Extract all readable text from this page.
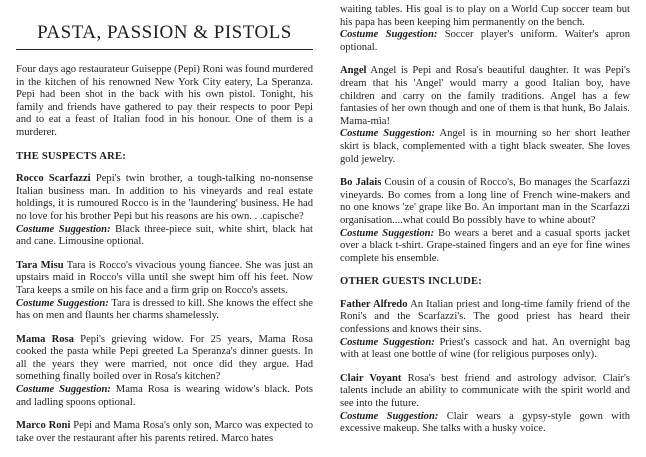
PASTA, PASSION & PISTOLS

Four days ago restaurateur Guiseppe (Pepi) Roni was found murdered in the kitchen of his renowned New York City eatery, La Speranza. Pepi had been shot in the back with his own pistol. Tonight, his family and friends have gathered to pay their respects to poor Pepi and to eat a feast of Italian food in his honour. One of them is a murderer.

THE SUSPECTS ARE:

Rocco Scarfazzi Pepi's twin brother, a tough-talking no-nonsense Italian business man. In addition to his vineyards and real estate holdings, it is rumoured Rocco is in the 'laundering' business. He had no love for his brother Pepi but his reasons are his own. . .capische?
Costume Suggestion: Black three-piece suit, white shirt, black hat and cane. Limousine optional.

Tara Misu Tara is Rocco's vivacious young fiancee. She was just an upstairs maid in Rocco's villa until she swept him off his feet. Now Tara keeps a smile on his face and a firm grip on Rocco's assets.
Costume Suggestion: Tara is dressed to kill. She knows the effect she has on men and flaunts her charms shamelessly.

Mama Rosa Pepi's grieving widow. For 25 years, Mama Rosa cooked the pasta while Pepi greeted La Speranza's dinner guests. In all the years they were married, not once did they argue. Had something finally boiled over in Rosa's kitchen?
Costume Suggestion: Mama Rosa is wearing widow's black. Pots and ladling spoons optional.

Marco Roni Pepi and Mama Rosa's only son, Marco was expected to take over the restaurant after his parents retired. Marco hates

waiting tables. His goal is to play on a World Cup soccer team but his papa has been keeping him permanently on the bench.
Costume Suggestion: Soccer player's uniform. Waiter's apron optional.

Angel Angel is Pepi and Rosa's beautiful daughter. It was Pepi's dream that his 'Angel' would marry a good Italian boy, have children and carry on the family traditions. Angel has a few fantasies of her own though and one of them is that hunk, Bo Jalais. Mama-mia!
Costume Suggestion: Angel is in mourning so her short leather skirt is black, complemented with a tight black sweater. She loves gold jewelry.

Bo Jalais Cousin of a cousin of Rocco's, Bo manages the Scarfazzi vineyards. Bo comes from a long line of French wine-makers and no one knows 'ze' grape like Bo. An important man in the Scarfazzi organisation....what could Bo possibly have to whine about?
Costume Suggestion: Bo wears a beret and a casual sports jacket over a black t-shirt. Grape-stained fingers and an eye for fine wines complete his ensemble.

OTHER GUESTS INCLUDE:

Father Alfredo An Italian priest and long-time family friend of the Roni's and the Scarfazzi's. The good priest has heard their confessions and knows their sins.
Costume Suggestion: Priest's cassock and hat. An overnight bag with at least one bottle of wine (for religious purposes only).

Clair Voyant Rosa's best friend and astrology advisor. Clair's talents include an ability to communicate with the spirit world and see into the future.
Costume Suggestion: Clair wears a gypsy-style gown with excessive makeup. She talks with a husky voice.
